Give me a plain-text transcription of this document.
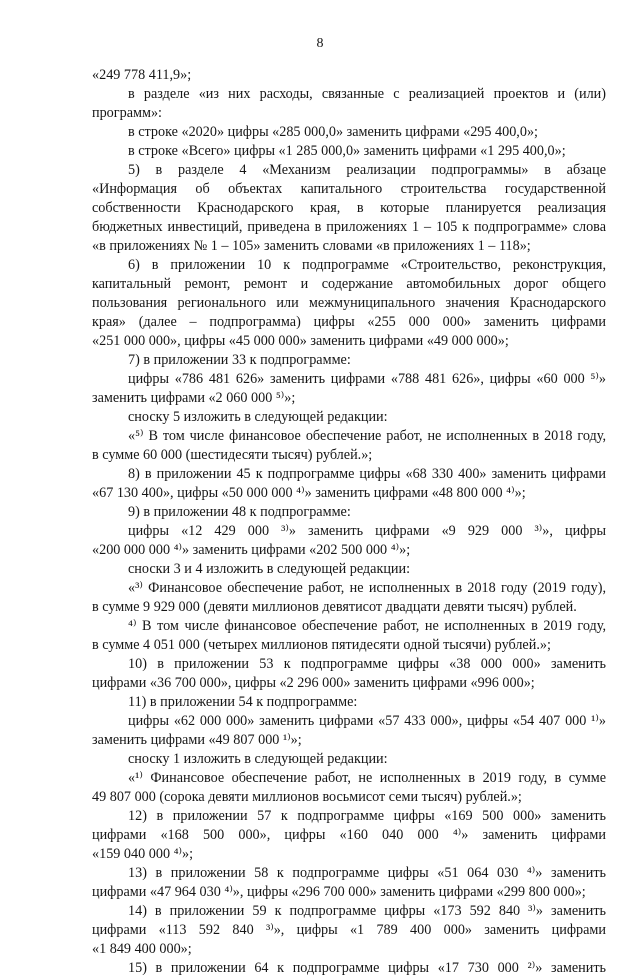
8
«249 778 411,9»;
в разделе «из них расходы, связанные с реализацией проектов и (или)
программ»:
в строке «2020» цифры «285 000,0» заменить цифрами «295 400,0»;
в строке «Всего» цифры «1 285 000,0» заменить цифрами «1 295 400,0»;
5) в разделе 4 «Механизм реализации подпрограммы» в абзаце
«Информация об объектах капитального строительства государственной
собственности Краснодарского края, в которые планируется реализация
бюджетных инвестиций, приведена в приложениях 1 – 105 к подпрограмме» слова
«в приложениях № 1 – 105» заменить словами «в приложениях 1 – 118»;
6) в приложении 10 к подпрограмме «Строительство, реконструкция,
капитальный ремонт, ремонт и содержание автомобильных дорог общего
пользования регионального или межмуниципального значения Краснодарского
края» (далее – подпрограмма) цифры «255 000 000» заменить цифрами
«251 000 000», цифры «45 000 000» заменить цифрами «49 000 000»;
7) в приложении 33 к подпрограмме:
цифры «786 481 626» заменить цифрами «788 481 626», цифры «60 000 ⁵⁾»
заменить цифрами «2 060 000 ⁵⁾»;
сноску 5 изложить в следующей редакции:
«⁵⁾ В том числе финансовое обеспечение работ, не исполненных в 2018 году,
в сумме 60 000 (шестидесяти тысяч) рублей.»;
8) в приложении 45 к подпрограмме цифры «68 330 400» заменить цифрами
«67 130 400», цифры «50 000 000 ⁴⁾» заменить цифрами «48 800 000 ⁴⁾»;
9) в приложении 48 к подпрограмме:
цифры «12 429 000 ³⁾» заменить цифрами «9 929 000 ³⁾», цифры
«200 000 000 ⁴⁾» заменить цифрами «202 500 000 ⁴⁾»;
сноски 3 и 4 изложить в следующей редакции:
«³⁾ Финансовое обеспечение работ, не исполненных в 2018 году (2019 году),
в сумме 9 929 000 (девяти миллионов девятисот двадцати девяти тысяч) рублей.
⁴⁾ В том числе финансовое обеспечение работ, не исполненных в 2019 году,
в сумме 4 051 000 (четырех миллионов пятидесяти одной тысячи) рублей.»;
10) в приложении 53 к подпрограмме цифры «38 000 000» заменить
цифрами «36 700 000», цифры «2 296 000» заменить цифрами «996 000»;
11) в приложении 54 к подпрограмме:
цифры «62 000 000» заменить цифрами «57 433 000», цифры «54 407 000 ¹⁾»
заменить цифрами «49 807 000 ¹⁾»;
сноску 1 изложить в следующей редакции:
«¹⁾ Финансовое обеспечение работ, не исполненных в 2019 году, в сумме
49 807 000 (сорока девяти миллионов восьмисот семи тысяч) рублей.»;
12) в приложении 57 к подпрограмме цифры «169 500 000» заменить
цифрами «168 500 000», цифры «160 040 000 ⁴⁾» заменить цифрами
«159 040 000 ⁴⁾»;
13) в приложении 58 к подпрограмме цифры «51 064 030 ⁴⁾» заменить
цифрами «47 964 030 ⁴⁾», цифры «296 700 000» заменить цифрами «299 800 000»;
14) в приложении 59 к подпрограмме цифры «173 592 840 ³⁾» заменить
цифрами «113 592 840 ³⁾», цифры «1 789 400 000» заменить цифрами
«1 849 400 000»;
15) в приложении 64 к подпрограмме цифры «17 730 000 ²⁾» заменить
